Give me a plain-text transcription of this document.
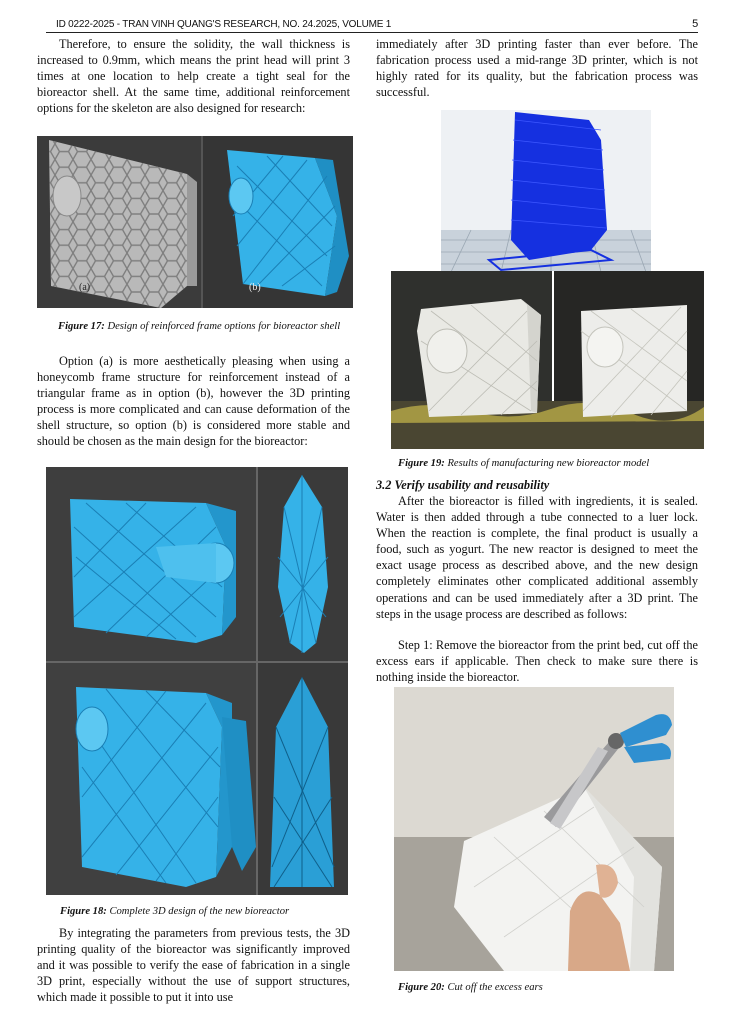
ID 0222-2025 - TRAN VINH QUANG'S RESEARCH, NO. 24.2025, VOLUME 1	5

Therefore, to ensure the solidity, the wall thickness is increased to 0.9mm, which means the print head will print 3 times at one location to help create a tight seal for the bioreactor shell. At the same time, additional reinforcement options for the skeleton are also designed for research:

(a)	(b)
Figure 17: Design of reinforced frame options for bioreactor shell

Option (a) is more aesthetically pleasing when using a honeycomb frame structure for reinforcement instead of a triangular frame as in option (b), however the 3D printing process is more complicated and can cause deformation of the shell structure, so option (b) is considered more stable and should be chosen as the main design for the bioreactor:

Figure 18: Complete 3D design of the new bioreactor

By integrating the parameters from previous tests, the 3D printing quality of the bioreactor was significantly improved and it was possible to verify the ease of fabrication in a single 3D print, especially without the use of support structures, which made it possible to put it into use

immediately after 3D printing faster than ever before. The fabrication process used a mid-range 3D printer, which is not highly rated for its quality, but the fabrication process was successful.

Figure 19: Results of manufacturing new bioreactor model
3.2 Verify usability and reusability

After the bioreactor is filled with ingredients, it is sealed. Water is then added through a tube connected to a luer lock. When the reaction is complete, the final product is usually a food, such as yogurt. The new reactor is designed to meet the exact usage process as described above, and the new design completely eliminates other complicated additional assembly operations and can be used immediately after a 3D print. The steps in the usage process are described as follows:

Step 1: Remove the bioreactor from the print bed, cut off the excess ears if applicable. Then check to make sure there is nothing inside the bioreactor.

Figure 20: Cut off the excess ears
